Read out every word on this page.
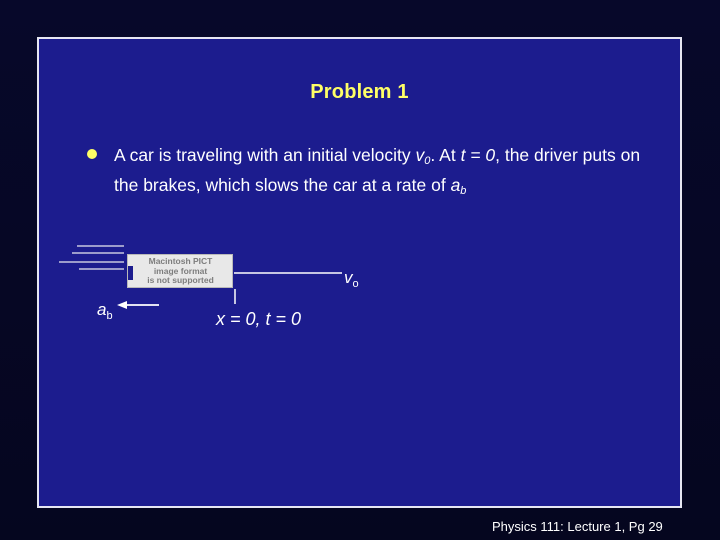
Problem 1
A car is traveling with an initial velocity $v_0$. At t = 0, the driver puts on the brakes, which slows the car at a rate of $a_b$
Macintosh PICT
image format
is not supported	$v_o$
$a_b$	x = 0, t = 0
Physics 111: Lecture 1, Pg 29
